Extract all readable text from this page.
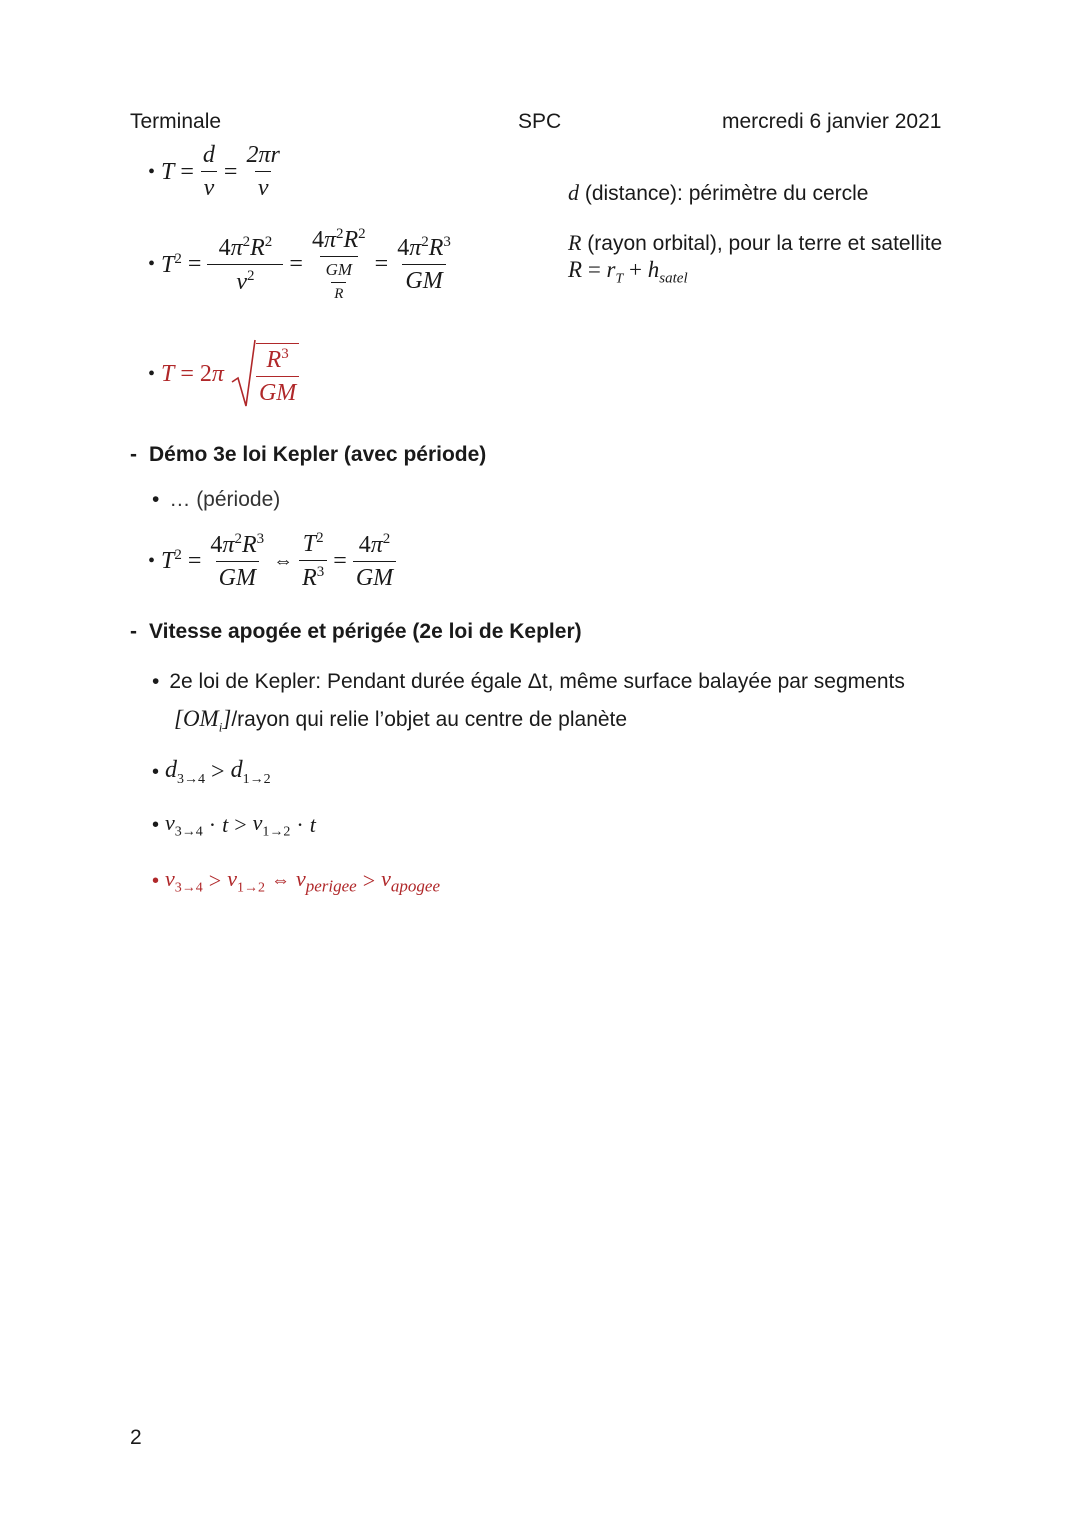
Terminale	SPC	mercredi 6 janvier 2021
• $T = \frac{d}{v} = \frac{2\pi r}{v}$	d (distance): périmètre du cercle
• $T^2 = \frac{4\pi^2R^2}{v^2} = \frac{4\pi^2R^2}{\frac{GM}{R}} = \frac{4\pi^2R^3}{GM}$	R (rayon orbital), pour la terre et satellite
$R = r_T + h_{satel}$
• $T = 2\pi \frac{R^3}{GM}$
- Démo 3e loi Kepler (avec période)
• … (période)
• $T^2 = \frac{4\pi^2R^3}{GM}$ ⇔ $\frac{T^2}{R^3} = \frac{4\pi^2}{GM}$
- Vitesse apogée et périgée (2e loi de Kepler)
• 2e loi de Kepler: Pendant durée égale Δt, même surface balayée par segments
$[OM_i]$/rayon qui relie l’objet au centre de planète
• $d_{3\to 4} > d_{1\to 2}$
• $v_{3\to 4} \cdot t > v_{1\to 2} \cdot t$
• $v_{3\to 4} > v_{1\to 2}$ ⇔ $v_{perigee} > v_{apogee}$
2
